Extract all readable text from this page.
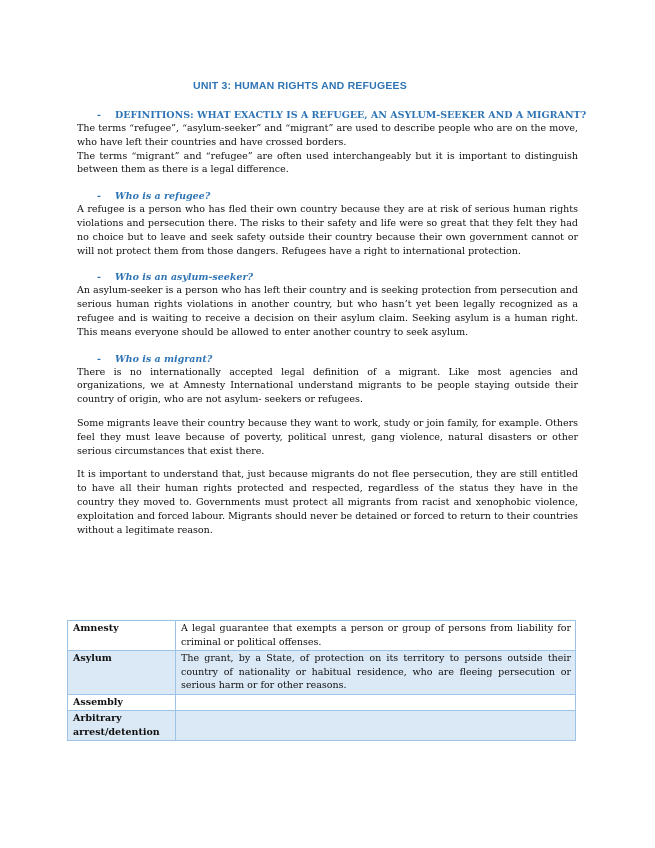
UNIT 3: HUMAN RIGHTS AND REFUGEES
- DEFINITIONS: WHAT EXACTLY IS A REFUGEE, AN ASYLUM-SEEKER AND A MIGRANT?

The terms “refugee”, “asylum-seeker” and “migrant” are used to describe people who are on the move, who have left their countries and have crossed borders.

The terms “migrant” and “refugee” are often used interchangeably but it is important to distinguish between them as there is a legal difference.

- Who is a refugee?

A refugee is a person who has fled their own country because they are at risk of serious human rights violations and persecution there. The risks to their safety and life were so great that they felt they had no choice but to leave and seek safety outside their country because their own government cannot or will not protect them from those dangers. Refugees have a right to international protection.

- Who is an asylum-seeker?

An asylum-seeker is a person who has left their country and is seeking protection from persecution and serious human rights violations in another country, but who hasn’t yet been legally recognized as a refugee and is waiting to receive a decision on their asylum claim. Seeking asylum is a human right. This means everyone should be allowed to enter another country to seek asylum.

- Who is a migrant?

There is no internationally accepted legal definition of a migrant. Like most agencies and organizations, we at Amnesty International understand migrants to be people staying outside their country of origin, who are not asylum- seekers or refugees.

Some migrants leave their country because they want to work, study or join family, for example. Others feel they must leave because of poverty, political unrest, gang violence, natural disasters or other serious circumstances that exist there.

It is important to understand that, just because migrants do not flee persecution, they are still entitled to have all their human rights protected and respected, regardless of the status they have in the country they moved to. Governments must protect all migrants from racist and xenophobic violence, exploitation and forced labour. Migrants should never be detained or forced to return to their countries without a legitimate reason.

Amnesty	A legal guarantee that exempts a person or group of persons from liability for criminal or political offenses.
Asylum	The grant, by a State, of protection on its territory to persons outside their country of nationality or habitual residence, who are fleeing persecution or serious harm or for other reasons.
Assembly	
Arbitrary arrest/detention	
